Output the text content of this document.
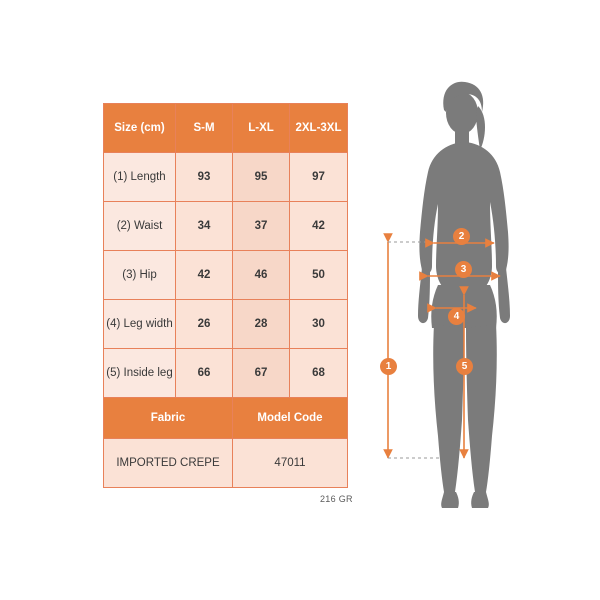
Size (cm)	S-M	L-XL	2XL-3XL
(1) Length	93	95	97
(2) Waist	34	37	42
(3) Hip	42	46	50
(4) Leg width	26	28	30
(5) Inside leg	66	67	68
Fabric		Model Code	
IMPORTED CREPE		47011	
216 GR
2
3
4
1	5
